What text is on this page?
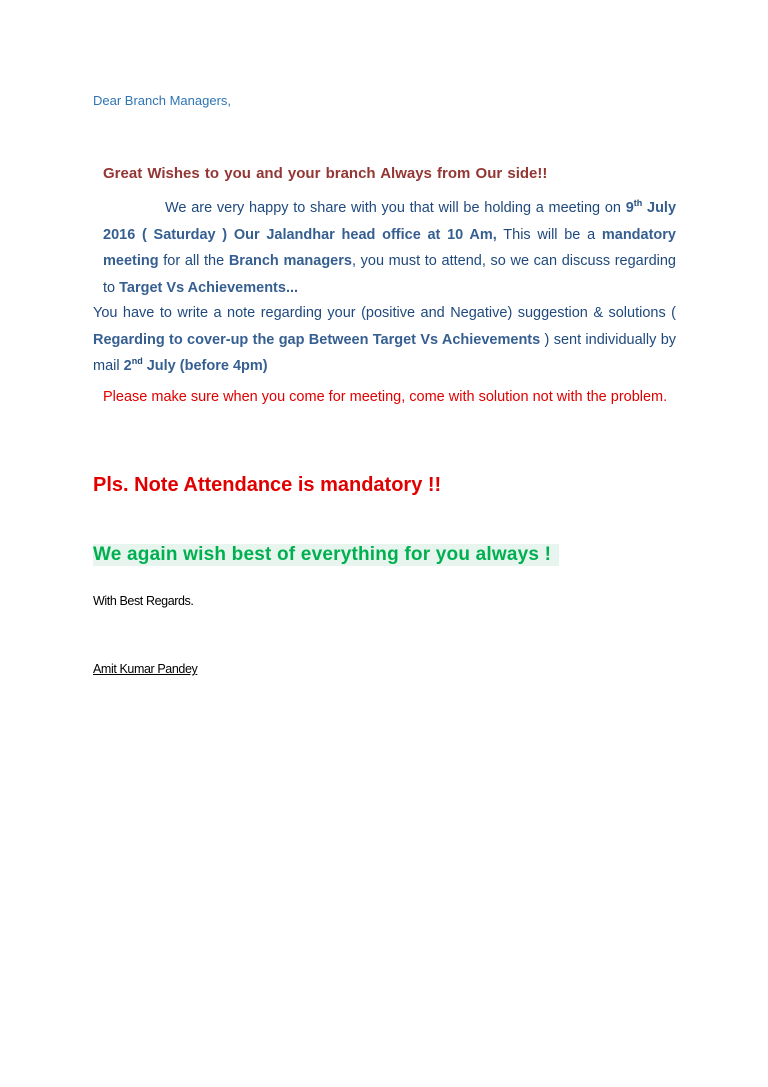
Dear Branch Managers,

Great Wishes to you and your branch Always from Our side!!

We are very happy to share with you that will be holding a meeting on 9th July 2016 ( Saturday ) Our Jalandhar head office at 10 Am, This will be a mandatory meeting for all the Branch managers, you must to attend, so we can discuss regarding to Target Vs Achievements...

You have to write a note regarding your (positive and Negative) suggestion & solutions ( Regarding to cover-up the gap Between Target Vs Achievements ) sent individually by mail 2nd July (before 4pm)

Please make sure when you come for meeting, come with solution not with the problem.

Pls. Note Attendance is mandatory !!

We again wish best of everything for you always !

With Best Regards.

Amit Kumar Pandey
